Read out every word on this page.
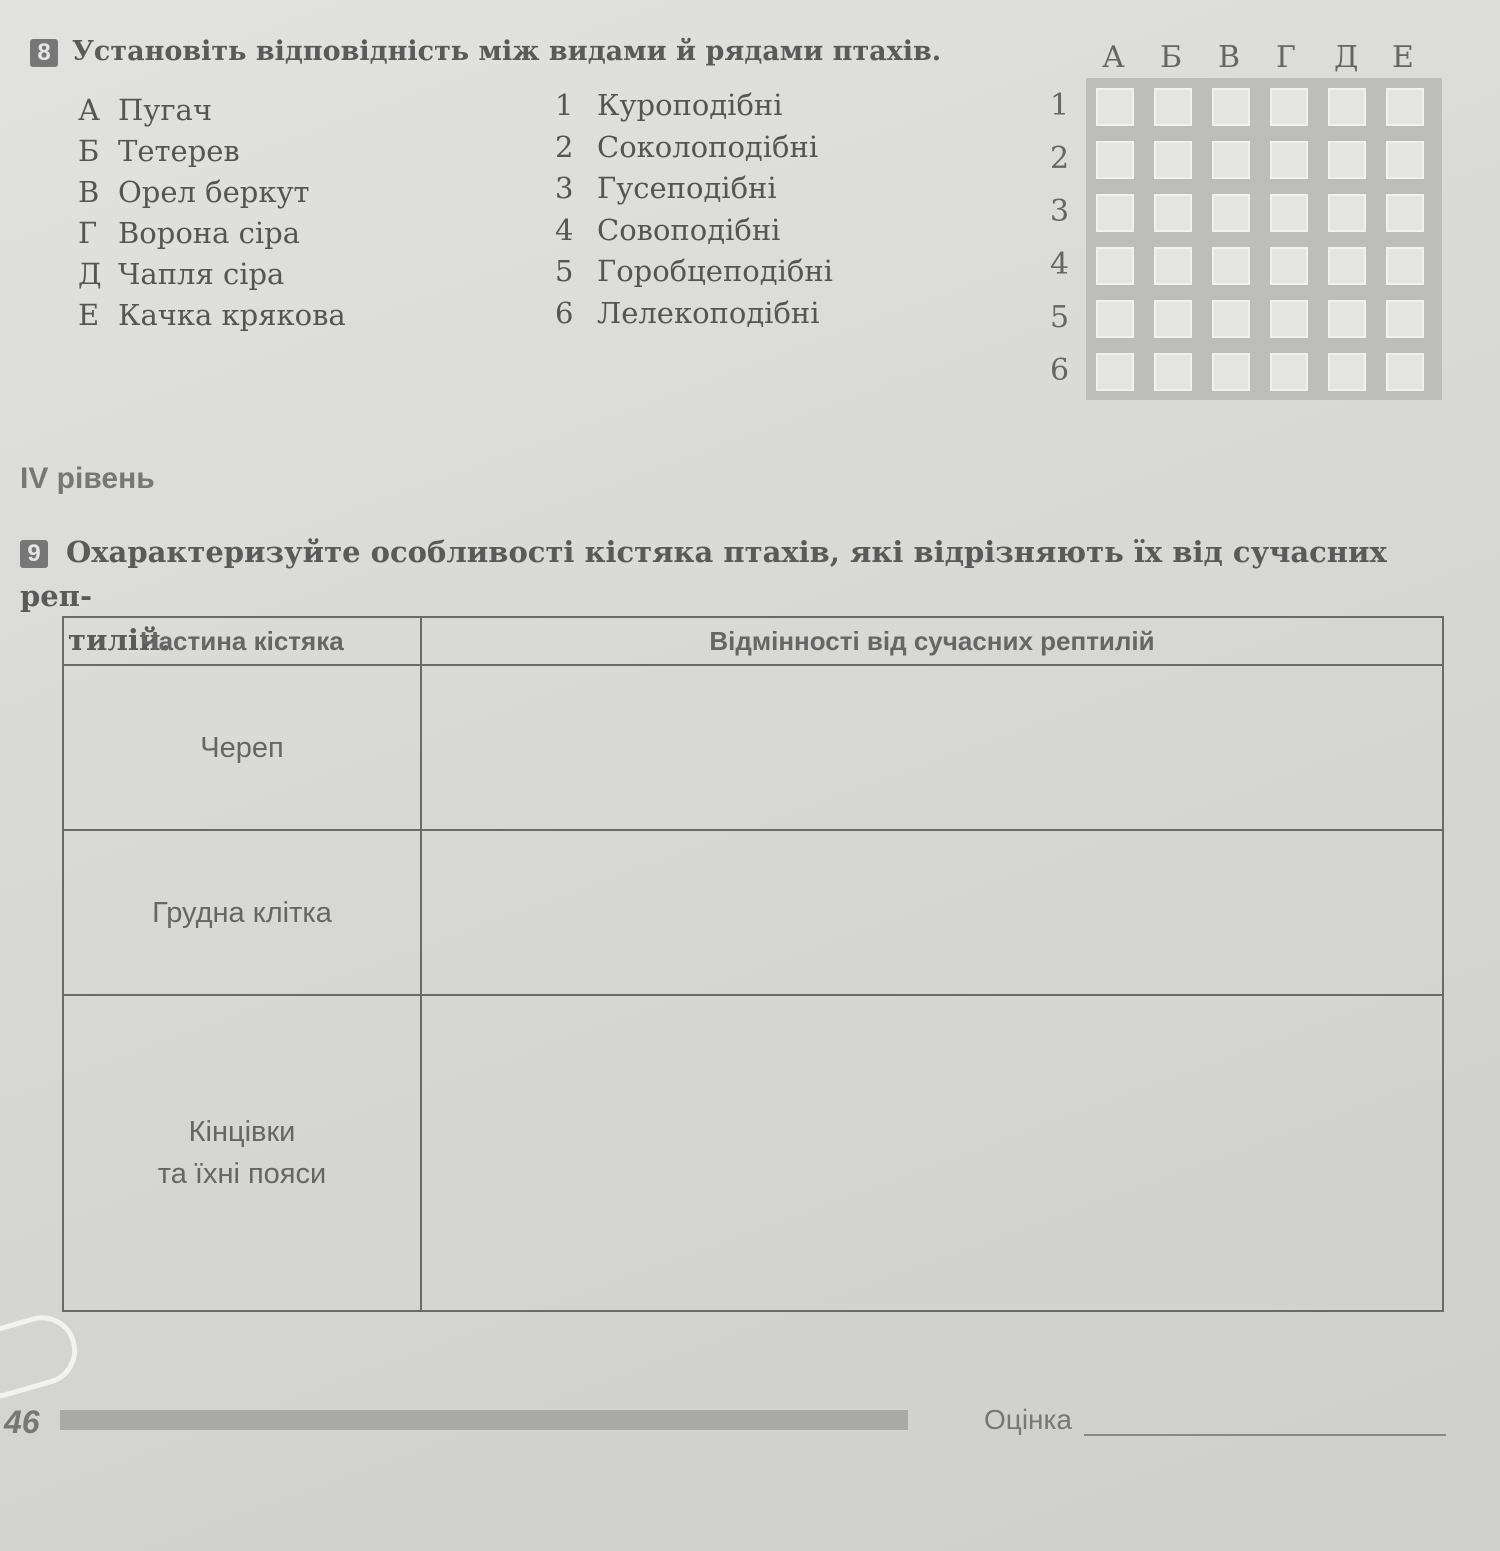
8 Установіть відповідність між видами й рядами птахів.
А Пугач
Б Тетерев
В Орел беркут
Г Ворона сіра
Д Чапля сіра
Е Качка крякова
1 Куроподібні
2 Соколоподібні
3 Гусеподібні
4 Совоподібні
5 Горобцеподібні
6 Лелекоподібні
А Б В Г Д Е
1
2
3
4
5
6
IV рівень
9 Охарактеризуйте особливості кістяка птахів, які відрізняють їх від сучасних реп-
тилій.
Частина кістяка	Відмінності від сучасних рептилій

Череп	

Грудна клітка	

Кінцівки
та їхні пояси	

46	Оцінка
